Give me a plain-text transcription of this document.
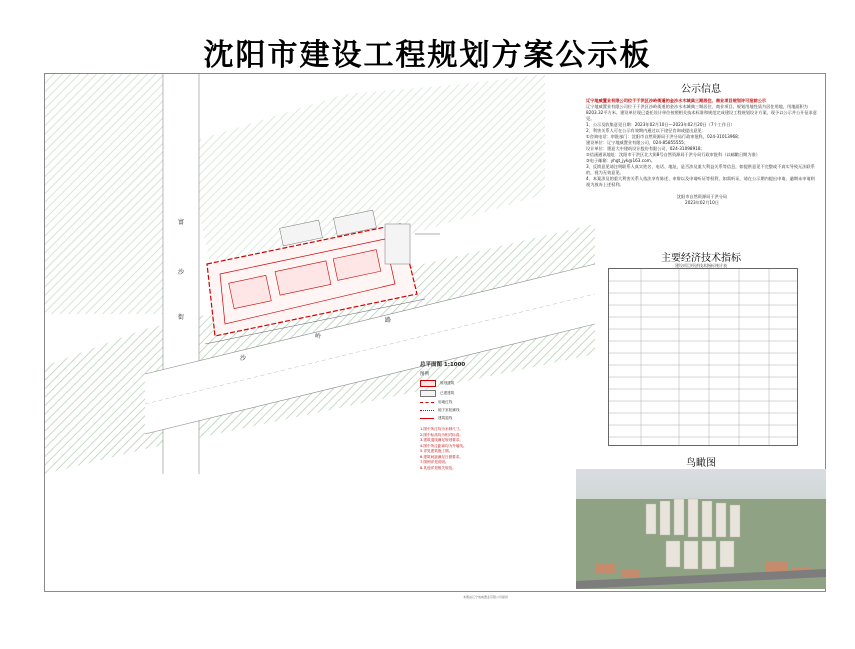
沈阳市建设工程规划方案公示板
富
沙
街
沙
岭
路
总平面图 1:1000
图例
规划建筑
已建建筑
用地红线
地下室轮廓线
建筑退线
1.图中所注均为米制尺寸。
2.图中标高均为相对标高。
3.建筑退线满足规划要求。
4.图中所注距离均为外墙线。
5.详见建筑施工图。
6.建筑间距满足日照要求。
7.图例详见说明。
8.其他详见相关规范。
公示信息

辽宁地威置业有限公司位于于洪区沙岭街道的金沙水木城典三期居住、商业项目规划许可批前公示

辽宁地威置业有限公司位于于洪区沙岭街道的金沙水木城典三期居住、商业项目。规划用地性质为居住用地，用地面积为8203.32平方米。建设单位现已委托设计单位按照相关技术标准和规范完成建设工程规划设计方案，现予以公示并公开征求意见。

1、公示及收集意见日期：2023年02月10日—2023年02月20日（7个工作日）

2、利害关系人可在公示有效期内通过以下途径咨询或提出意见：

①咨询电话：审批部门：沈阳市自然资源局于洪分局行政审批科，024-31013968；

建设单位：辽宁地威置业有限公司，024-85855555；

设计单位：墨意大中建筑设计股份有限公司，024-31098918；

②信函通讯地址：沈阳市于洪区北大街8号自然资源局于洪分局行政审批科（以邮戳日期为准）

③电子邮箱：yhgt_jyk@163.com。

3、反馈意见请注明联系人真实姓名、电话、地址，是否涉及重大利益关系等信息，如提供意见不完整或不真实导致无法联系的，视为无效意见。

4、本案涉及的重大利害关系人依法享有陈述、申辩以及申请听证等权利，如需听证，请在公示期内提出申请，逾期未申请则视为放弃上述权利。

沈阳市自然资源局于洪分局

2023年02月10日

主要经济技术指标
建设项目经济技术指标统计表
鸟瞰图
本图由辽宁地威置业有限公司提供
